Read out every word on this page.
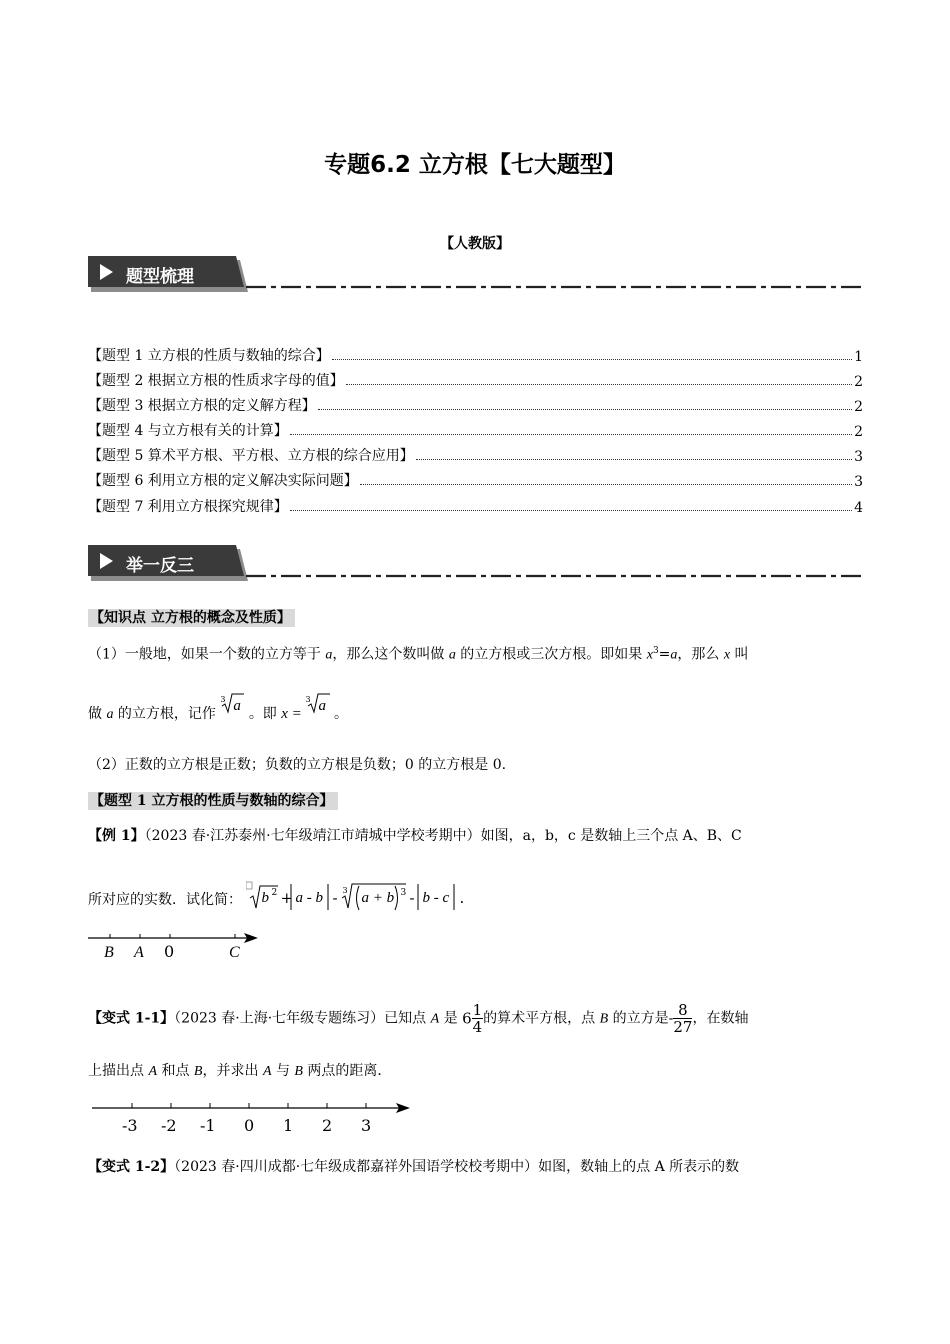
专题6.2 立方根【七大题型】
【人教版】
题型梳理
【题型 1 立方根的性质与数轴的综合】	1
【题型 2 根据立方根的性质求字母的值】	2
【题型 3 根据立方根的定义解方程】	2
【题型 4 与立方根有关的计算】	2
【题型 5 算术平方根、平方根、立方根的综合应用】	3
【题型 6 利用立方根的定义解决实际问题】	3
【题型 7 利用立方根探究规律】	4
举一反三
【知识点 立方根的概念及性质】
（1）一般地，如果一个数的立方等于 a，那么这个数叫做 a 的立方根或三次方根。即如果 $x^3=a$，那么 x 叫
做 a 的立方根，记作
3 a 。即 x =
3 a 。
（2）正数的立方根是正数；负数的立方根是负数；0 的立方根是 0.
【题型 1 立方根的性质与数轴的综合】
【例 1】（2023 春·江苏泰州·七年级靖江市靖城中学校考期中）如图，a，b，c 是数轴上三个点 A、B、C
所对应的实数．试化简： b 2 + a - b - 3 a + b 3 - b - c .
B A 0	C
【变式 1-1】（2023 春·上海·七年级专题练习）已知点 A 是 $6 \frac{1}{4}$ 的算术平方根，点 B 的立方是- $\frac{8}{27}$ ，在数轴
上描出点 A 和点 B，并求出 A 与 B 两点的距离．
-3 -2 -1 0 1 2 3
【变式 1-2】（2023 春·四川成都·七年级成都嘉祥外国语学校校考期中）如图，数轴上的点 A 所表示的数
